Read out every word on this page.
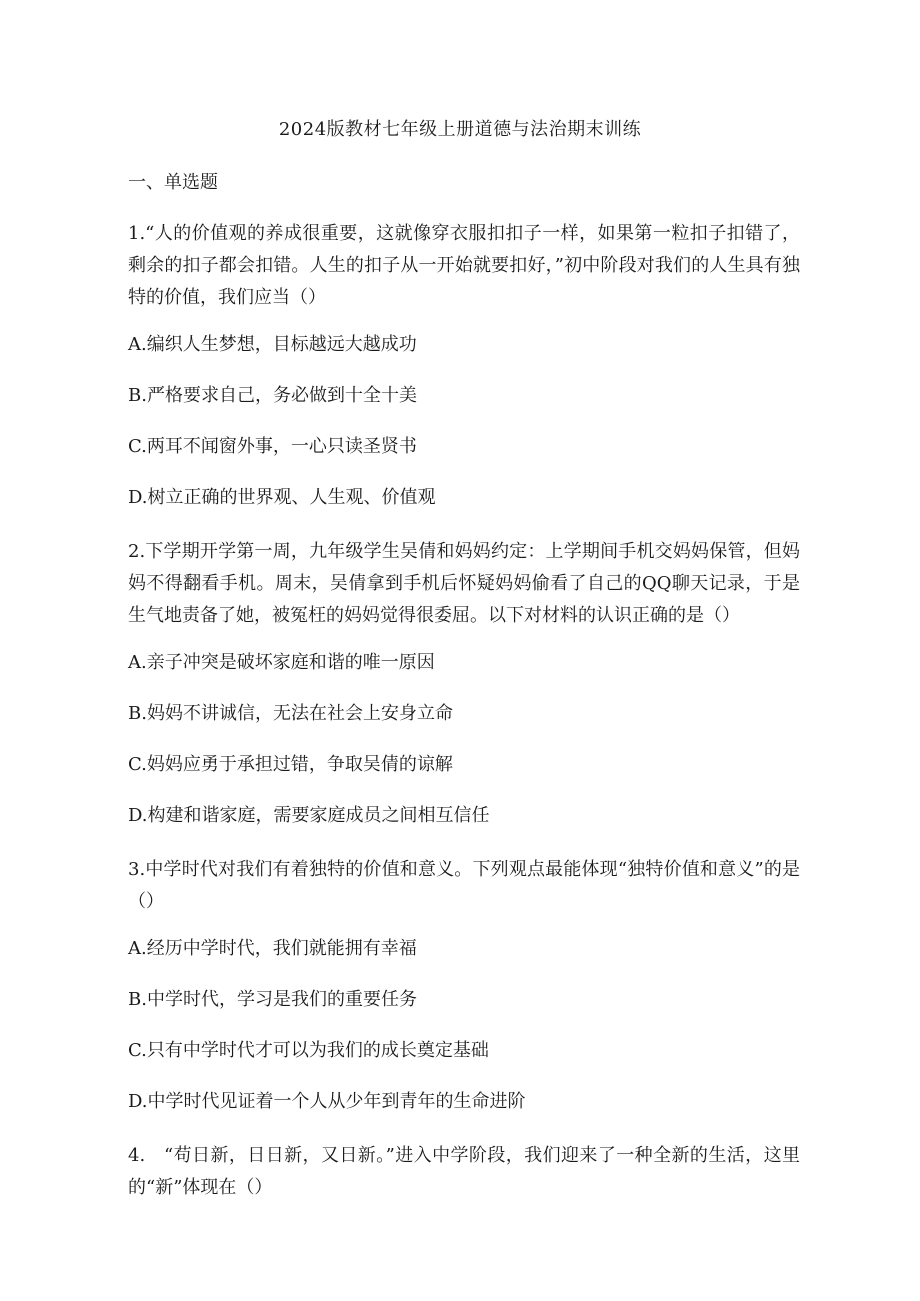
2024版教材七年级上册道德与法治期末训练
一、单选题

1.“人的价值观的养成很重要，这就像穿衣服扣扣子一样，如果第一粒扣子扣错了，剩余的扣子都会扣错。人生的扣子从一开始就要扣好，”初中阶段对我们的人生具有独特的价值，我们应当（）

A.编织人生梦想，目标越远大越成功
B.严格要求自己，务必做到十全十美
C.两耳不闻窗外事，一心只读圣贤书
D.树立正确的世界观、人生观、价值观

2.下学期开学第一周，九年级学生吴倩和妈妈约定：上学期间手机交妈妈保管，但妈妈不得翻看手机。周末，吴倩拿到手机后怀疑妈妈偷看了自己的QQ聊天记录，于是生气地责备了她，被冤枉的妈妈觉得很委屈。以下对材料的认识正确的是（）

A.亲子冲突是破坏家庭和谐的唯一原因
B.妈妈不讲诚信，无法在社会上安身立命
C.妈妈应勇于承担过错，争取吴倩的谅解
D.构建和谐家庭，需要家庭成员之间相互信任

3.中学时代对我们有着独特的价值和意义。下列观点最能体现“独特价值和意义”的是（）

A.经历中学时代，我们就能拥有幸福
B.中学时代，学习是我们的重要任务
C.只有中学时代才可以为我们的成长奠定基础
D.中学时代见证着一个人从少年到青年的生命进阶

4.　“苟日新，日日新，又日新。”进入中学阶段，我们迎来了一种全新的生活，这里的“新”体现在（）
